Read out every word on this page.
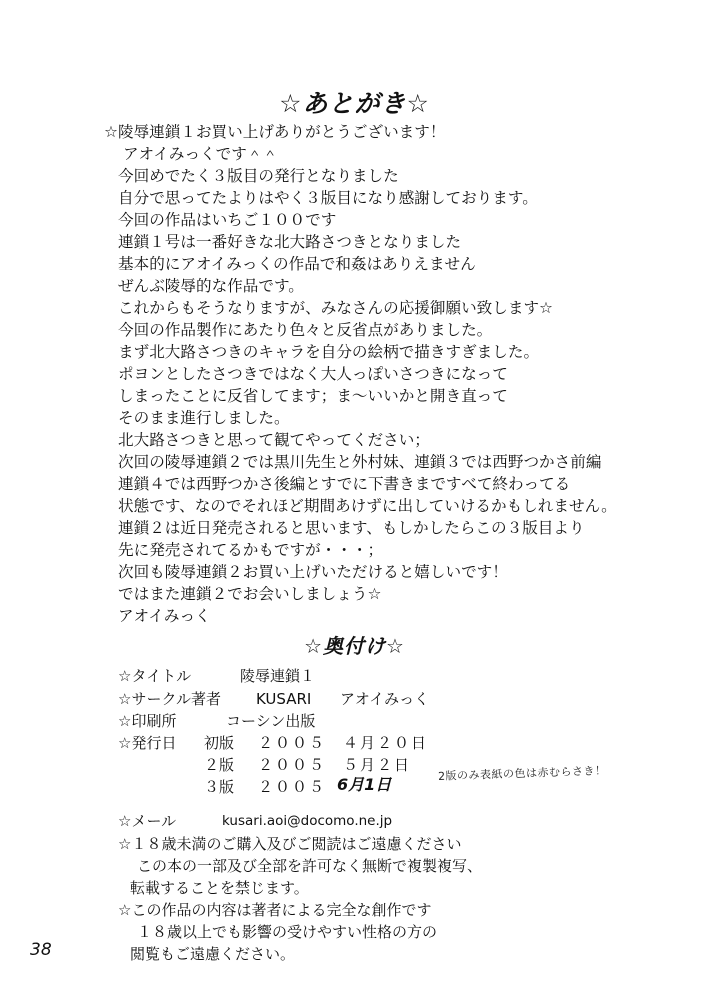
☆あとがき☆
☆陵辱連鎖１お買い上げありがとうございます！
アオイみっくです＾＾
今回めでたく３版目の発行となりました
自分で思ってたよりはやく３版目になり感謝しております。
今回の作品はいちご１００です
連鎖１号は一番好きな北大路さつきとなりました
基本的にアオイみっくの作品で和姦はありえません
ぜんぶ陵辱的な作品です。
これからもそうなりますが、みなさんの応援御願い致します☆
今回の作品製作にあたり色々と反省点がありました。
まず北大路さつきのキャラを自分の絵柄で描きすぎました。
ポヨンとしたさつきではなく大人っぽいさつきになって
しまったことに反省してます；ま〜いいかと開き直って
そのまま進行しました。
北大路さつきと思って観てやってください；
次回の陵辱連鎖２では黒川先生と外村妹、連鎖３では西野つかさ前編
連鎖４では西野つかさ後編とすでに下書きまですべて終わってる
状態です、なのでそれほど期間あけずに出していけるかもしれません。
連鎖２は近日発売されると思います、もしかしたらこの３版目より
先に発売されてるかもですが・・・；
次回も陵辱連鎖２お買い上げいただけると嬉しいです！
ではまた連鎖２でお会いしましょう☆
アオイみっく
☆奥付け☆
☆タイトル	陵辱連鎖１
☆サークル著者 KUSARI アオイみっく
☆印刷所	コーシン出版
☆発行日 初版 ２００５　４月２０日
２版 ２００５　５月２日
３版 ２００５ 6月1日
2版のみ表紙の色は赤むらさき！
☆メール	kusari.aoi@docomo.ne.jp
☆１８歳未満のご購入及びご閲読はご遠慮ください
この本の一部及び全部を許可なく無断で複製複写、
転載することを禁じます。
☆この作品の内容は著者による完全な創作です
１８歳以上でも影響の受けやすい性格の方の
閲覧もご遠慮ください。
38
